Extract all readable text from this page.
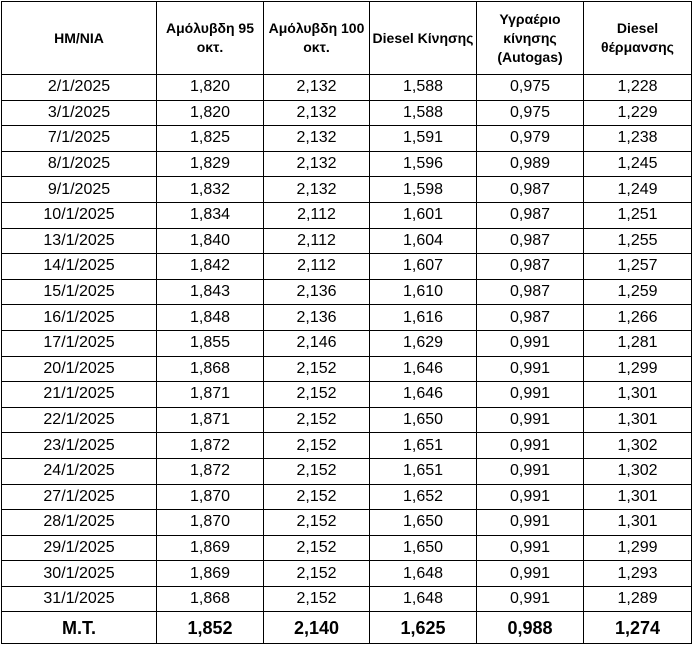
ΗΜ/ΝΙΑ	Αμόλυβδη 95 οκτ.	Αμόλυβδη 100 οκτ.	Diesel Κίνησης	Υγραέριο κίνησης (Autogas)	Diesel θέρμανσης
2/1/2025	1,820	2,132	1,588	0,975	1,228
3/1/2025	1,820	2,132	1,588	0,975	1,229
7/1/2025	1,825	2,132	1,591	0,979	1,238
8/1/2025	1,829	2,132	1,596	0,989	1,245
9/1/2025	1,832	2,132	1,598	0,987	1,249
10/1/2025	1,834	2,112	1,601	0,987	1,251
13/1/2025	1,840	2,112	1,604	0,987	1,255
14/1/2025	1,842	2,112	1,607	0,987	1,257
15/1/2025	1,843	2,136	1,610	0,987	1,259
16/1/2025	1,848	2,136	1,616	0,987	1,266
17/1/2025	1,855	2,146	1,629	0,991	1,281
20/1/2025	1,868	2,152	1,646	0,991	1,299
21/1/2025	1,871	2,152	1,646	0,991	1,301
22/1/2025	1,871	2,152	1,650	0,991	1,301
23/1/2025	1,872	2,152	1,651	0,991	1,302
24/1/2025	1,872	2,152	1,651	0,991	1,302
27/1/2025	1,870	2,152	1,652	0,991	1,301
28/1/2025	1,870	2,152	1,650	0,991	1,301
29/1/2025	1,869	2,152	1,650	0,991	1,299
30/1/2025	1,869	2,152	1,648	0,991	1,293
31/1/2025	1,868	2,152	1,648	0,991	1,289
Μ.Τ.	1,852	2,140	1,625	0,988	1,274
